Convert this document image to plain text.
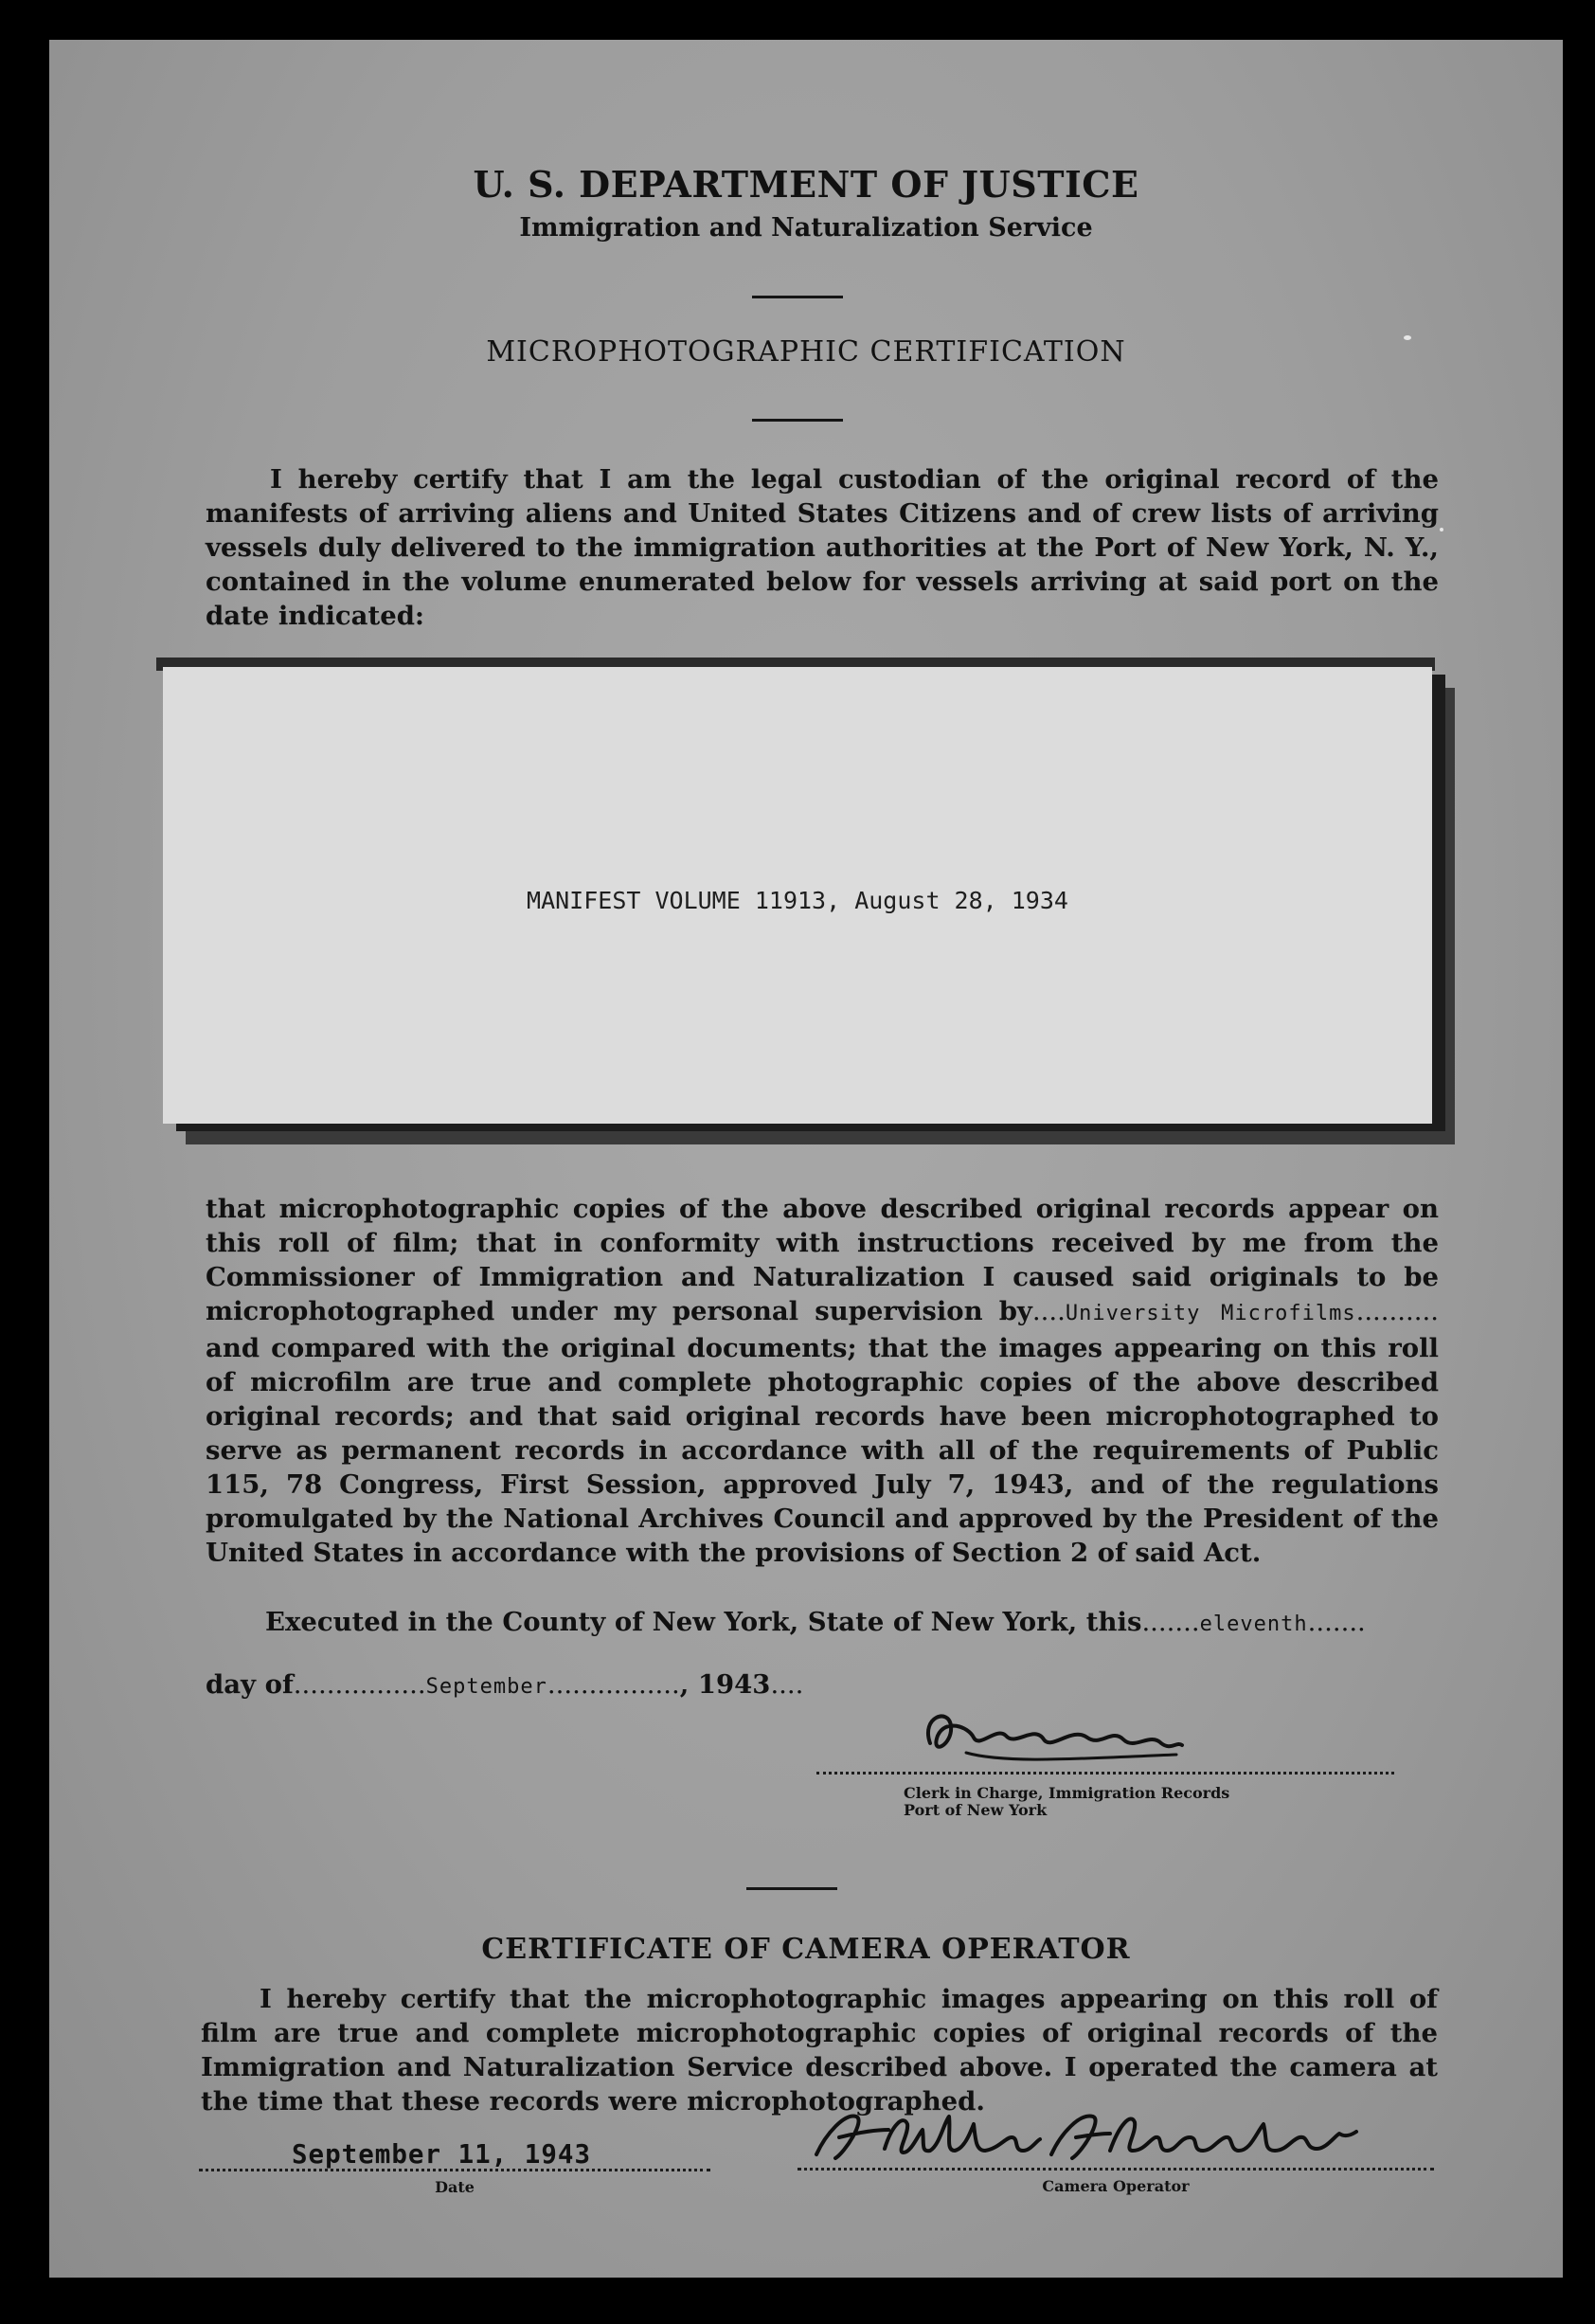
U. S. DEPARTMENT OF JUSTICE
Immigration and Naturalization Service
MICROPHOTOGRAPHIC CERTIFICATION

I hereby certify that I am the legal custodian of the original record of the manifests of arriving aliens and United States Citizens and of crew lists of arriving vessels duly delivered to the immigration authorities at the Port of New York, N. Y., contained in the volume enumerated below for vessels arriving at said port on the date indicated:

MANIFEST VOLUME 11913, August 28, 1934

that microphotographic copies of the above described original records appear on this roll of film; that in conformity with instructions received by me from the Commissioner of Immigration and Naturalization I caused said originals to be microphotographed under my personal supervision by....University Microfilms.......... and compared with the original documents; that the images appearing on this roll of microfilm are true and complete photographic copies of the above described original records; and that said original records have been microphotographed to serve as permanent records in accordance with all of the requirements of Public 115, 78 Congress, First Session, approved July 7, 1943, and of the regulations promulgated by the National Archives Council and approved by the President of the United States in accordance with the provisions of Section 2 of said Act.

Executed in the County of New York, State of New York, this.......eleventh.......
day of................September................, 1943....
Clerk in Charge, Immigration Records
Port of New York
CERTIFICATE OF CAMERA OPERATOR

I hereby certify that the microphotographic images appearing on this roll of film are true and complete microphotographic copies of original records of the Immigration and Naturalization Service described above. I operated the camera at the time that these records were microphotographed.

September 11, 1943
Date	Camera Operator
